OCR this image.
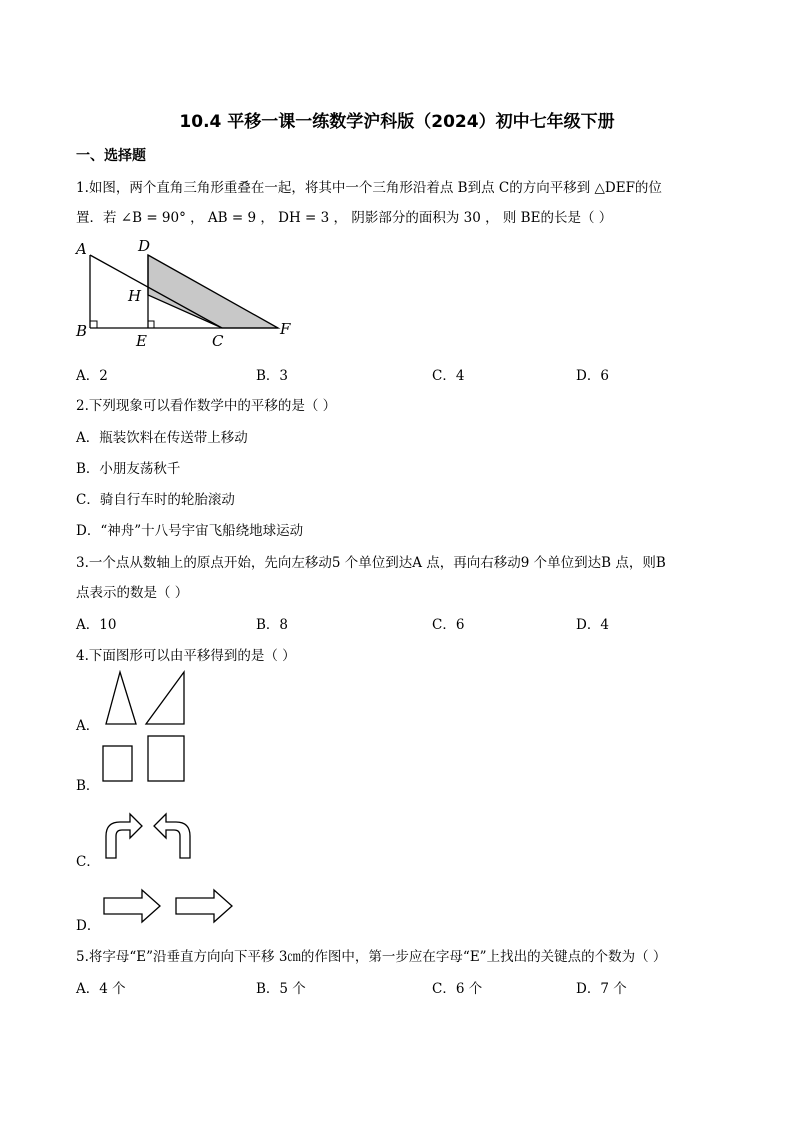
10.4 平移一课一练数学沪科版（2024）初中七年级下册
一、选择题
1.如图，两个直角三角形重叠在一起，将其中一个三角形沿着点 B到点 C的方向平移到 △DEF的位
置．若 ∠B = 90° ， AB = 9 ， DH = 3 ， 阴影部分的面积为 30 ， 则 BE的长是（ ）
A	D
H
B
E	C
F
A．2	B．3	C．4	D．6
2.下列现象可以看作数学中的平移的是（ ）
A．瓶装饮料在传送带上移动
B．小朋友荡秋千
C．骑自行车时的轮胎滚动
D．“神舟”十八号宇宙飞船绕地球运动
3.一个点从数轴上的原点开始，先向左移动5 个单位到达A 点，再向右移动9 个单位到达B 点，则B
点表示的数是（ ）
A．10	B．8	C．6	D．4
4.下面图形可以由平移得到的是（ ）
A．
B．
C．
D．
5.将字母“E”沿垂直方向向下平移 3㎝的作图中，第一步应在字母“E”上找出的关键点的个数为（ ）
A．4 个	B．5 个	C．6 个	D．7 个
